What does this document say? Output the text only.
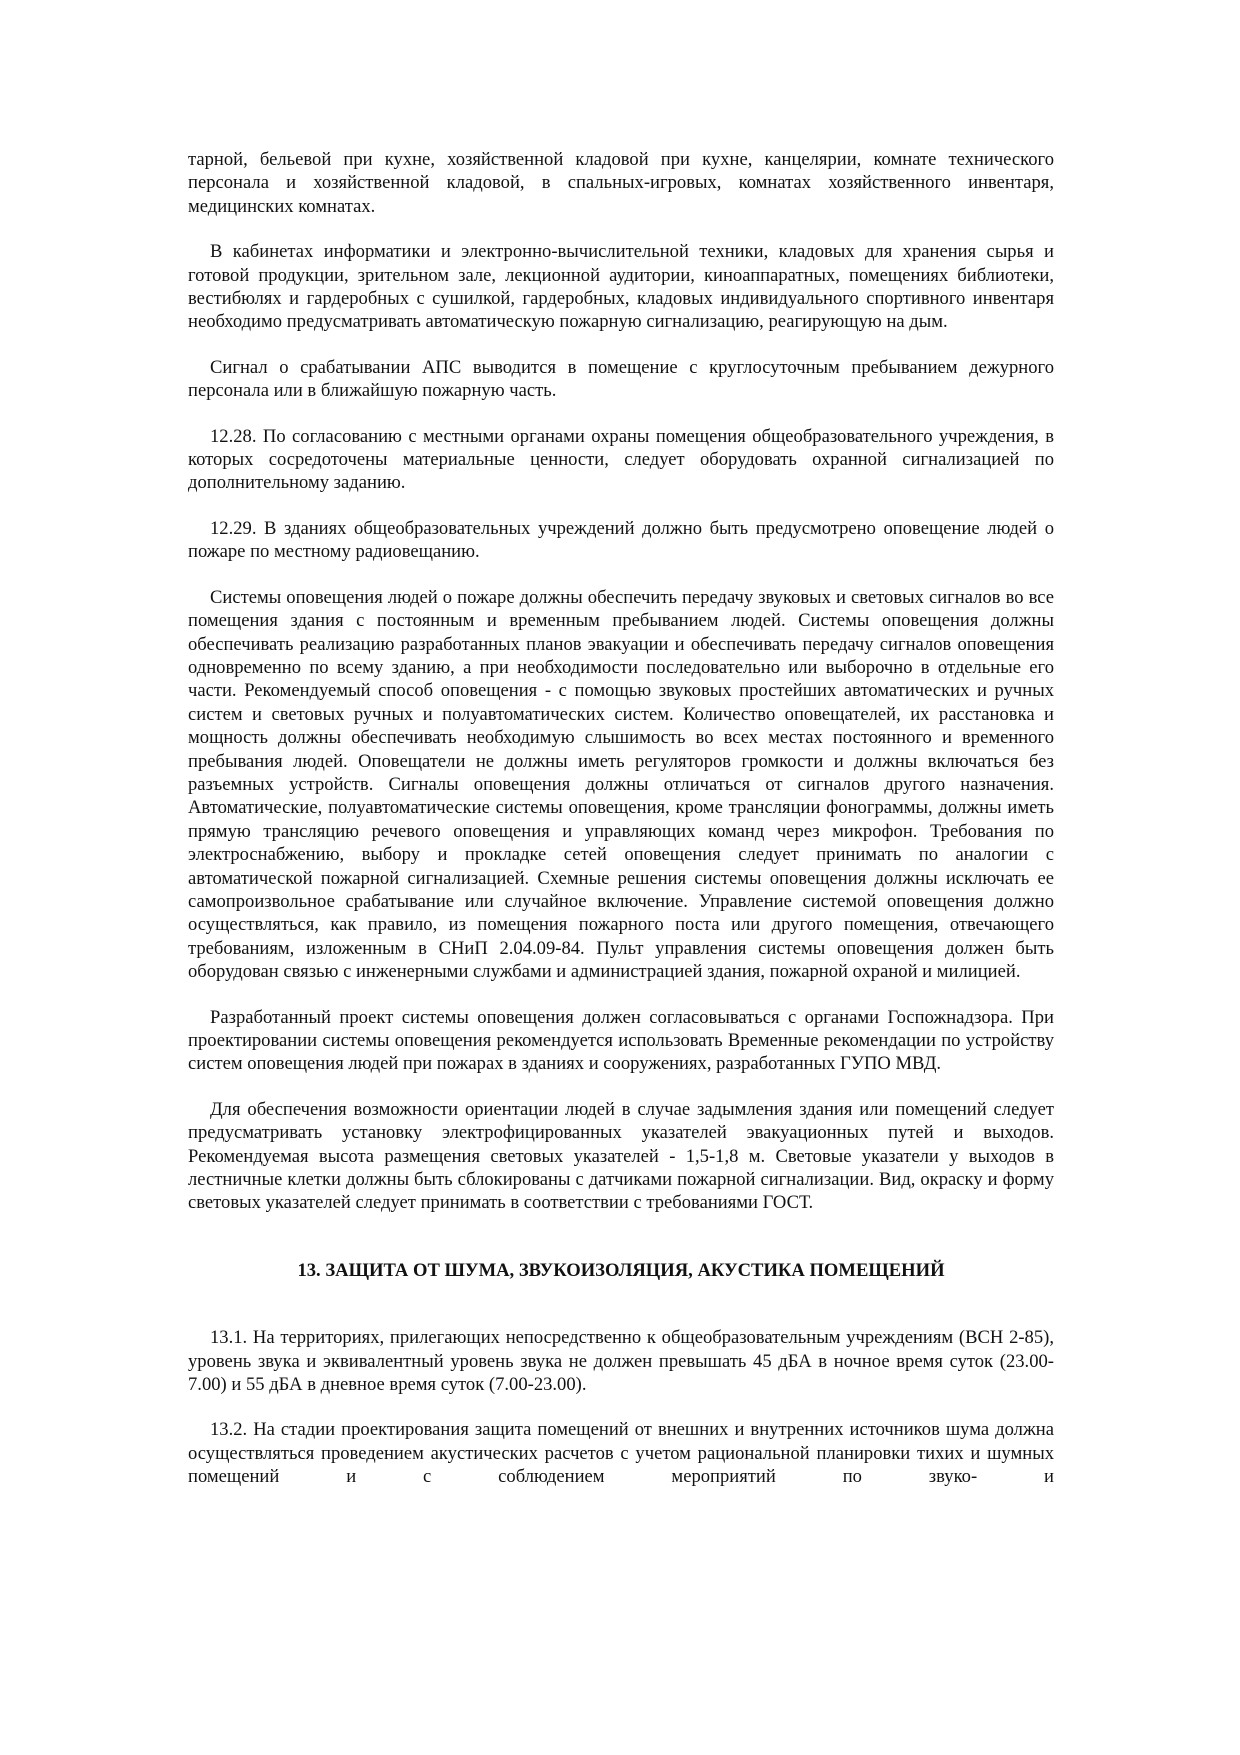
тарной, бельевой при кухне, хозяйственной кладовой при кухне, канцелярии, комнате технического персонала и хозяйственной кладовой, в спальных-игровых, комнатах хозяйственного инвентаря, медицинских комнатах.

В кабинетах информатики и электронно-вычислительной техники, кладовых для хранения сырья и готовой продукции, зрительном зале, лекционной аудитории, киноаппаратных, помещениях библиотеки, вестибюлях и гардеробных с сушилкой, гардеробных, кладовых индивидуального спортивного инвентаря необходимо предусматривать автоматическую пожарную сигнализацию, реагирующую на дым.

Сигнал о срабатывании АПС выводится в помещение с круглосуточным пребыванием дежурного персонала или в ближайшую пожарную часть.

12.28. По согласованию с местными органами охраны помещения общеобразовательного учреждения, в которых сосредоточены материальные ценности, следует оборудовать охранной сигнализацией по дополнительному заданию.

12.29. В зданиях общеобразовательных учреждений должно быть предусмотрено оповещение людей о пожаре по местному радиовещанию.

Системы оповещения людей о пожаре должны обеспечить передачу звуковых и световых сигналов во все помещения здания с постоянным и временным пребыванием людей. Системы оповещения должны обеспечивать реализацию разработанных планов эвакуации и обеспечивать передачу сигналов оповещения одновременно по всему зданию, а при необходимости последовательно или выборочно в отдельные его части. Рекомендуемый способ оповещения - с помощью звуковых простейших автоматических и ручных систем и световых ручных и полуавтоматических систем. Количество оповещателей, их расстановка и мощность должны обеспечивать необходимую слышимость во всех местах постоянного и временного пребывания людей. Оповещатели не должны иметь регуляторов громкости и должны включаться без разъемных устройств. Сигналы оповещения должны отличаться от сигналов другого назначения. Автоматические, полуавтоматические системы оповещения, кроме трансляции фонограммы, должны иметь прямую трансляцию речевого оповещения и управляющих команд через микрофон. Требования по электроснабжению, выбору и прокладке сетей оповещения следует принимать по аналогии с автоматической пожарной сигнализацией. Схемные решения системы оповещения должны исключать ее самопроизвольное срабатывание или случайное включение. Управление системой оповещения должно осуществляться, как правило, из помещения пожарного поста или другого помещения, отвечающего требованиям, изложенным в СНиП 2.04.09-84. Пульт управления системы оповещения должен быть оборудован связью с инженерными службами и администрацией здания, пожарной охраной и милицией.

Разработанный проект системы оповещения должен согласовываться с органами Госпожнадзора. При проектировании системы оповещения рекомендуется использовать Временные рекомендации по устройству систем оповещения людей при пожарах в зданиях и сооружениях, разработанных ГУПО МВД.

Для обеспечения возможности ориентации людей в случае задымления здания или помещений следует предусматривать установку электрофицированных указателей эвакуационных путей и выходов. Рекомендуемая высота размещения световых указателей - 1,5-1,8 м. Световые указатели у выходов в лестничные клетки должны быть сблокированы с датчиками пожарной сигнализации. Вид, окраску и форму световых указателей следует принимать в соответствии с требованиями ГОСТ.

13. ЗАЩИТА ОТ ШУМА, ЗВУКОИЗОЛЯЦИЯ, АКУСТИКА ПОМЕЩЕНИЙ

13.1. На территориях, прилегающих непосредственно к общеобразовательным учреждениям (ВСН 2-85), уровень звука и эквивалентный уровень звука не должен превышать 45 дБА в ночное время суток (23.00-7.00) и 55 дБА в дневное время суток (7.00-23.00).

13.2. На стадии проектирования защита помещений от внешних и внутренних источников шума должна осуществляться проведением акустических расчетов с учетом рациональной планировки тихих и шумных помещений и с соблюдением мероприятий по звуко- и
